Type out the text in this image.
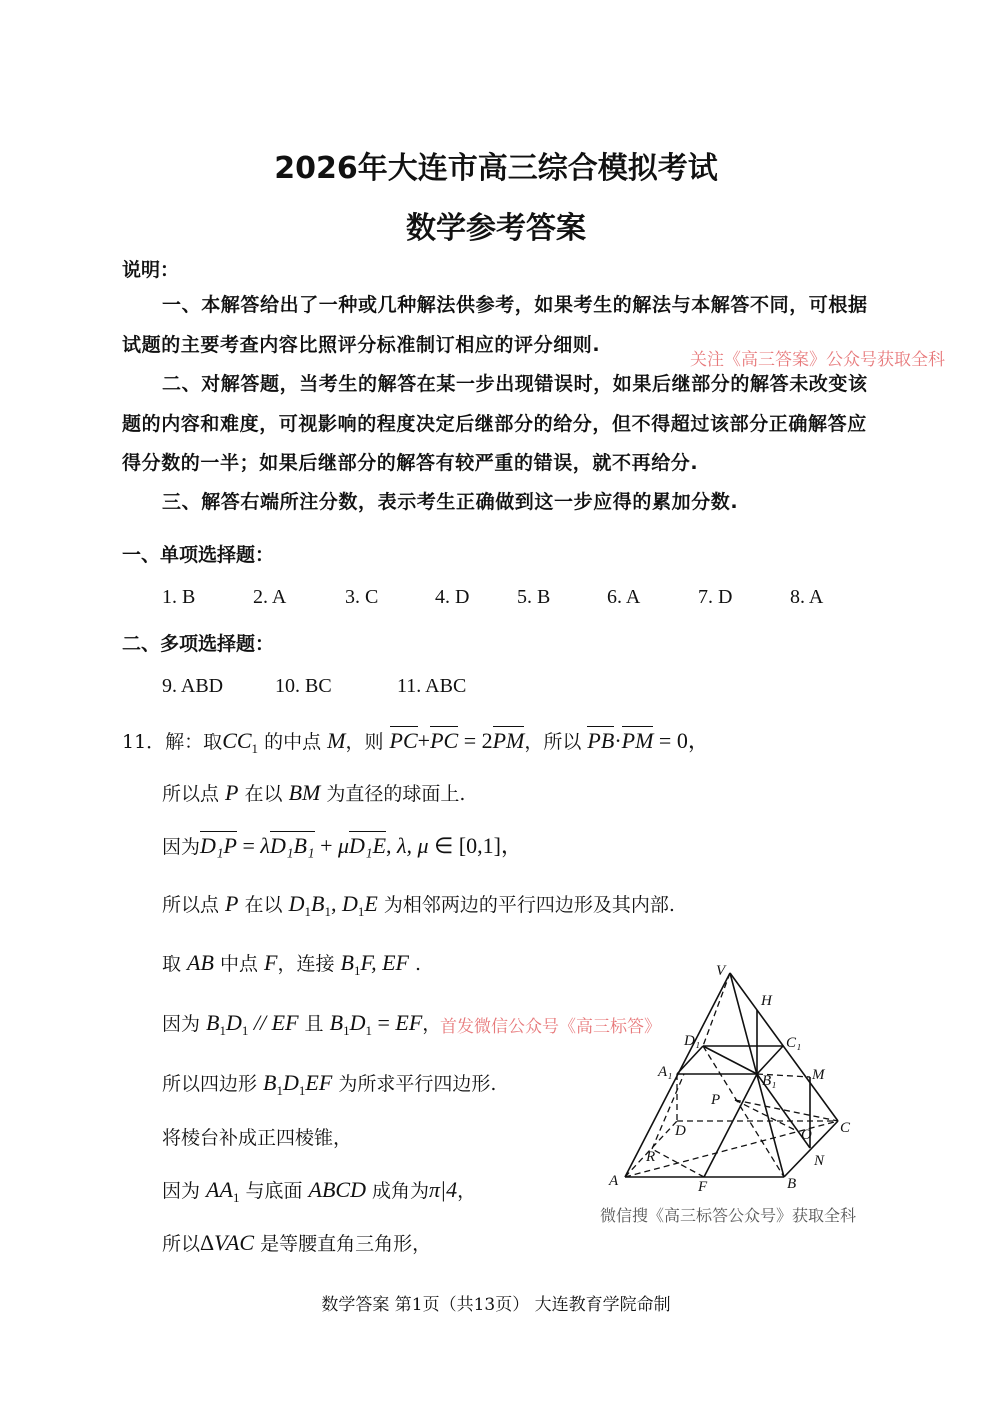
2026年大连市高三综合模拟考试
数学参考答案
说明：
一、本解答给出了一种或几种解法供参考，如果考生的解法与本解答不同，可根据试题的主要考查内容比照评分标准制订相应的评分细则.
二、对解答题，当考生的解答在某一步出现错误时，如果后继部分的解答未改变该题的内容和难度，可视影响的程度决定后继部分的给分，但不得超过该部分正确解答应得分数的一半；如果后继部分的解答有较严重的错误，就不再给分.
三、解答右端所注分数，表示考生正确做到这一步应得的累加分数.
关注《高三答案》公众号获取全科
一、单项选择题：
1. B	2. A	3. C	4. D 5. B	6. A	7. D	8. A
二、多项选择题：
9. ABD	10. BC	11. ABC
11．解：取$CC_1$ 的中点 M，则 PC+PC = 2PM，所以 PB·PM = 0，
所以点 P 在以 BM 为直径的球面上.
因为D₁P = λD₁B₁ + μD₁E, λ, μ ∈ [0,1]，
所以点 P 在以 $D_1B_1$, $D_1E$ 为相邻两边的平行四边形及其内部.
取 AB 中点 F，连接 $B_1F$, EF .
因为 $B_1D_1$ // EF 且 $B_1D_1$ = EF，
所以四边形 $B_1D_1EF$ 为所求平行四边形.
将棱台补成正四棱锥，
因为 $AA_1$ 与底面 ABCD 成角为π|4，
所以ΔVAC 是等腰直角三角形，
首发微信公众号《高三标答》
V
H
D₁	C₁
A₁
B₁ M
P
D	C
O
R	N
A	F	B
微信搜《高三标答公众号》获取全科
数学答案 第1页（共13页） 大连教育学院命制
